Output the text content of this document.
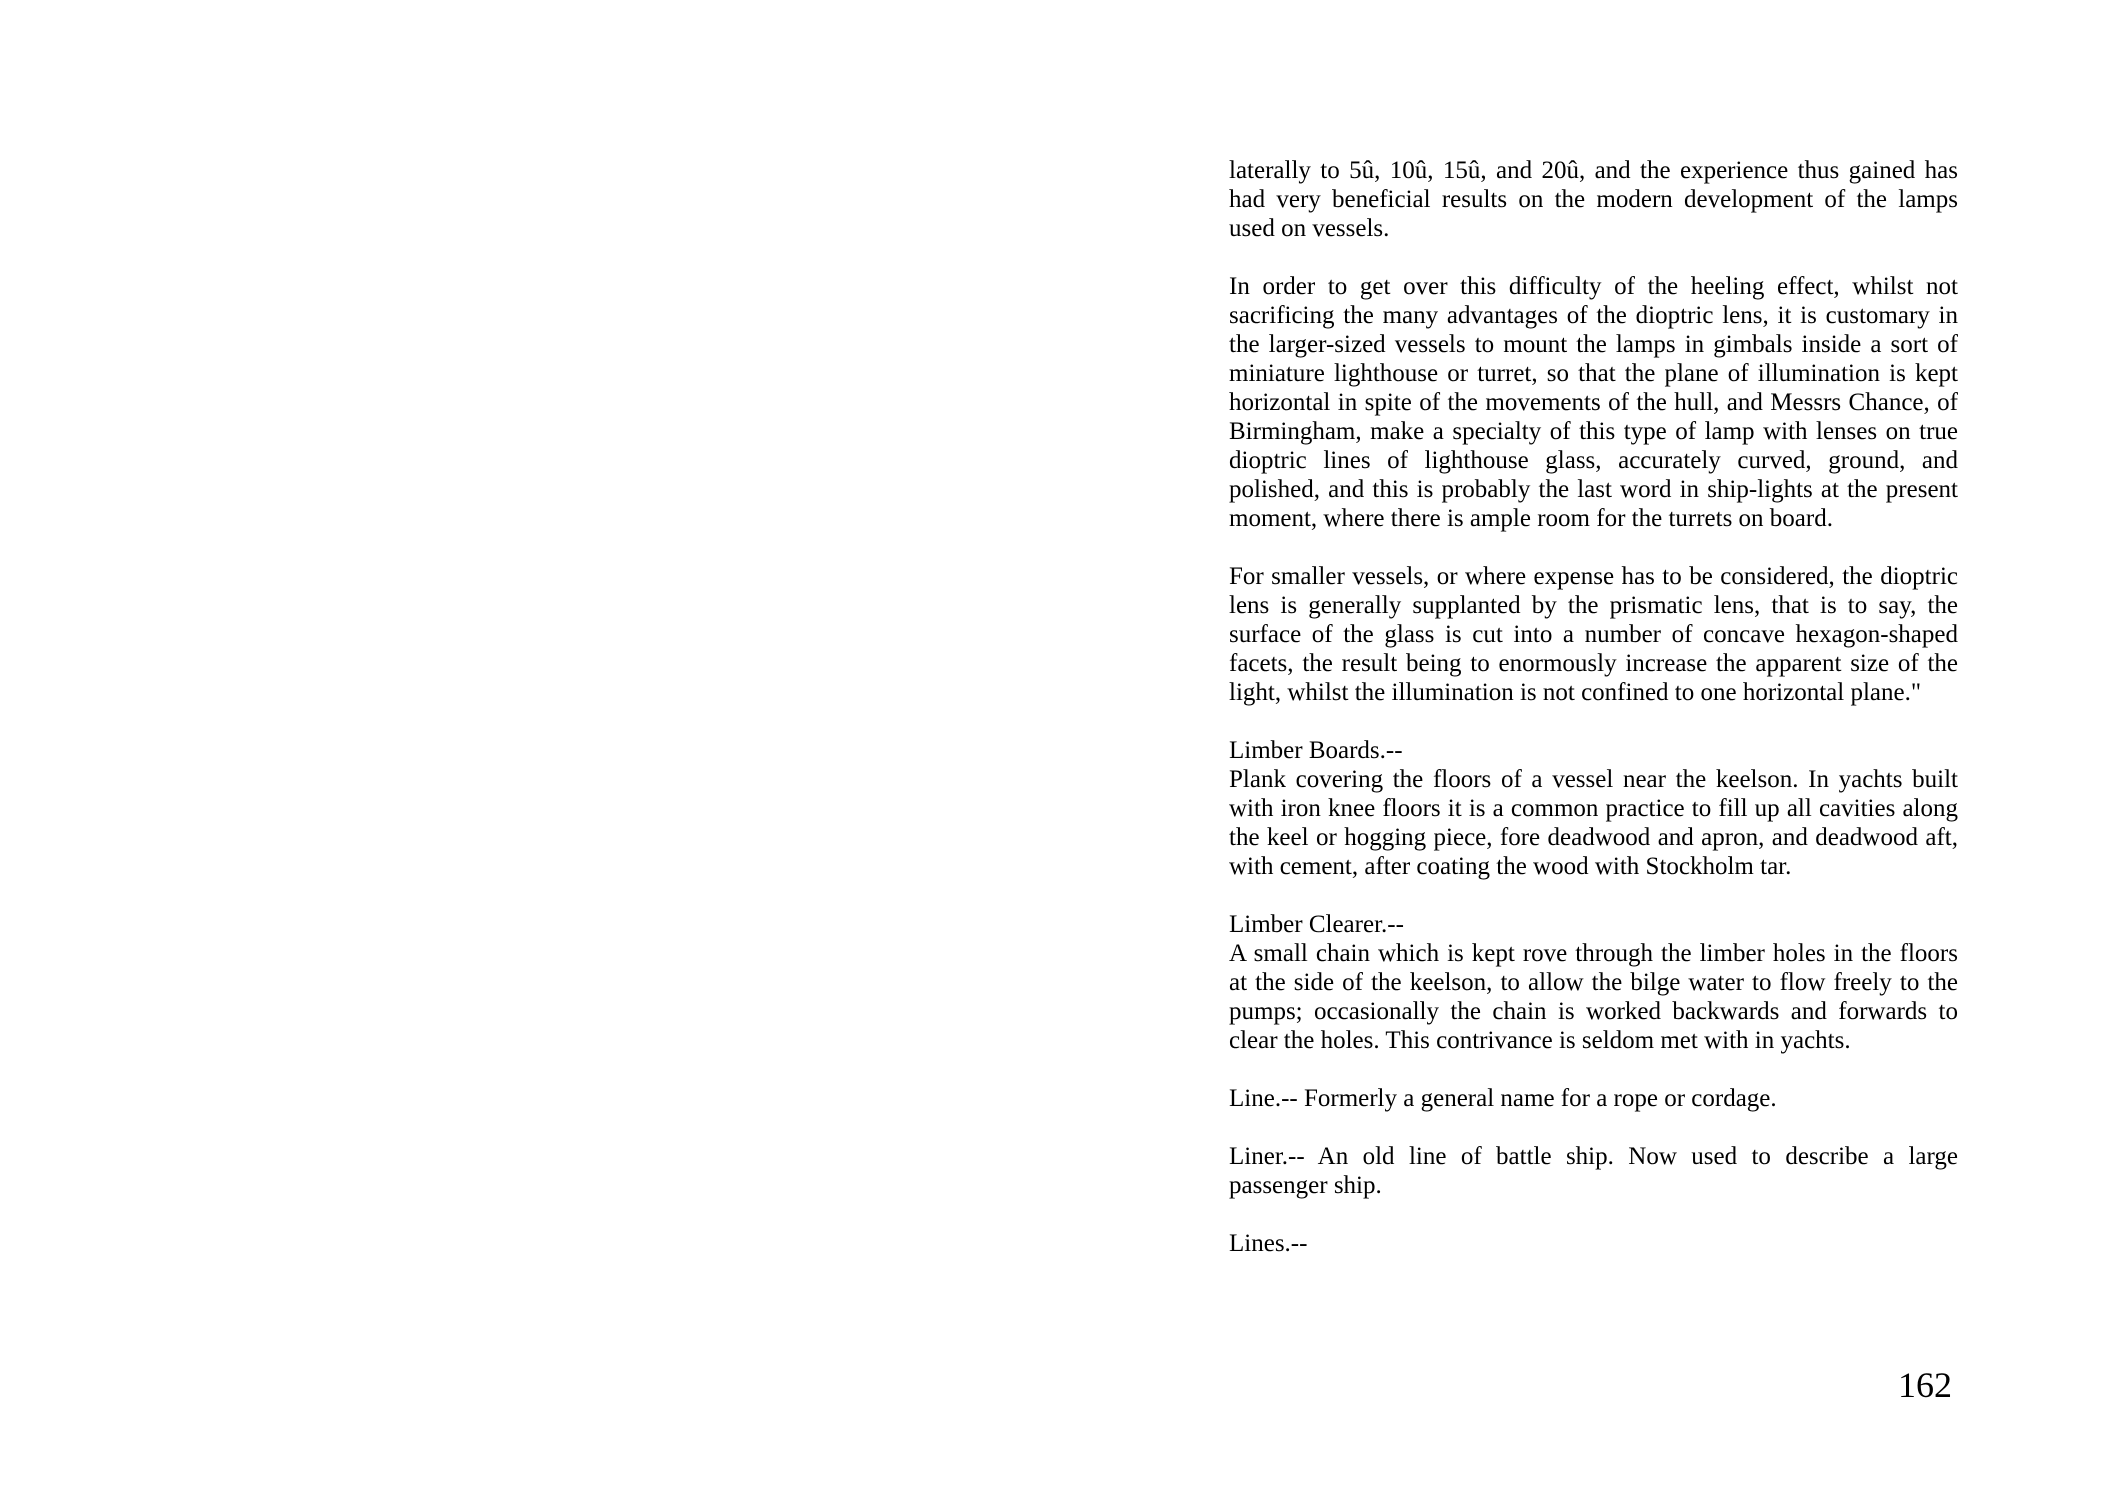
laterally to 5û, 10û, 15û, and 20û, and the experience thus gained has
had very beneficial results on the modern development of the lamps
used on vessels.

In order to get over this difficulty of the heeling effect, whilst not
sacrificing the many advantages of the dioptric lens, it is customary in
the larger-sized vessels to mount the lamps in gimbals inside a sort of
miniature lighthouse or turret, so that the plane of illumination is kept
horizontal in spite of the movements of the hull, and Messrs Chance, of
Birmingham, make a specialty of this type of lamp with lenses on true
dioptric lines of lighthouse glass, accurately curved, ground, and
polished, and this is probably the last word in ship-lights at the present
moment, where there is ample room for the turrets on board.

For smaller vessels, or where expense has to be considered, the dioptric
lens is generally supplanted by the prismatic lens, that is to say, the
surface of the glass is cut into a number of concave hexagon-shaped
facets, the result being to enormously increase the apparent size of the
light, whilst the illumination is not confined to one horizontal plane."

Limber Boards.--
Plank covering the floors of a vessel near the keelson. In yachts built
with iron knee floors it is a common practice to fill up all cavities along
the keel or hogging piece, fore deadwood and apron, and deadwood aft,
with cement, after coating the wood with Stockholm tar.

Limber Clearer.--
A small chain which is kept rove through the limber holes in the floors
at the side of the keelson, to allow the bilge water to flow freely to the
pumps; occasionally the chain is worked backwards and forwards to
clear the holes. This contrivance is seldom met with in yachts.

Line.-- Formerly a general name for a rope or cordage.

Liner.-- An old line of battle ship. Now used to describe a large
passenger ship.

Lines.--

162
